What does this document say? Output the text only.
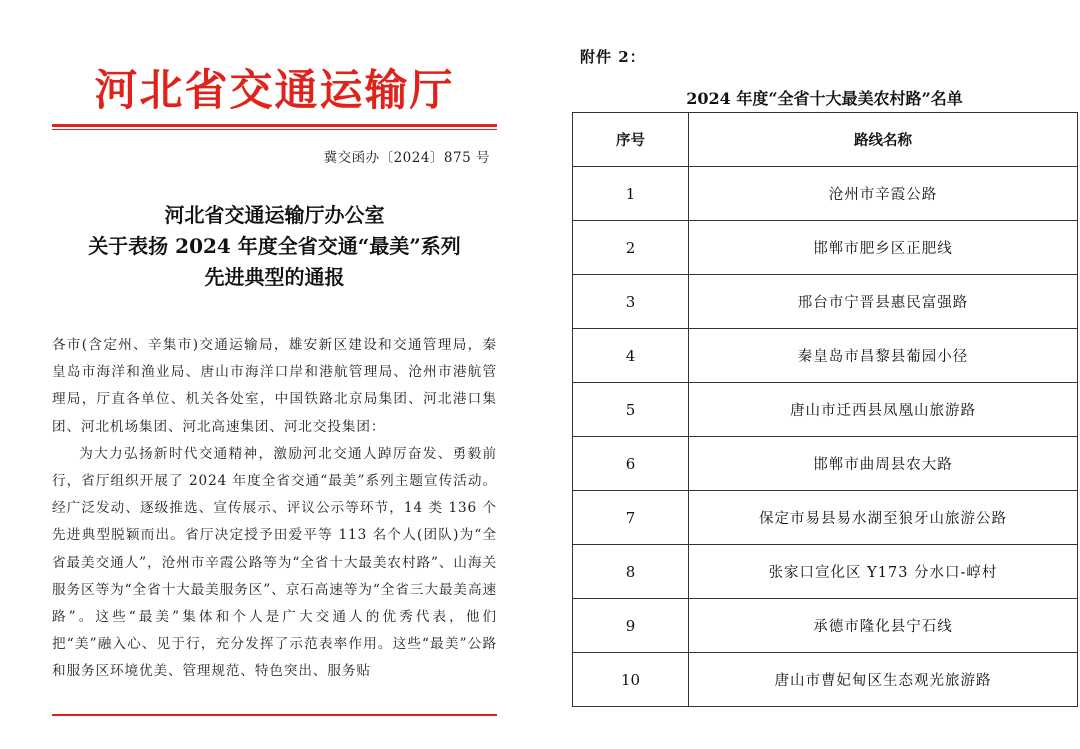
河北省交通运输厅
冀交函办〔2024〕875 号
河北省交通运输厅办公室
关于表扬 2024 年度全省交通“最美”系列
先进典型的通报

各市(含定州、辛集市)交通运输局，雄安新区建设和交通管理局，秦皇岛市海洋和渔业局、唐山市海洋口岸和港航管理局、沧州市港航管理局，厅直各单位、机关各处室，中国铁路北京局集团、河北港口集团、河北机场集团、河北高速集团、河北交投集团：

为大力弘扬新时代交通精神，激励河北交通人踔厉奋发、勇毅前行，省厅组织开展了 2024 年度全省交通“最美”系列主题宣传活动。经广泛发动、逐级推选、宣传展示、评议公示等环节，14 类 136 个先进典型脱颖而出。省厅决定授予田爱平等 113 名个人(团队)为“全省最美交通人”，沧州市辛霞公路等为“全省十大最美农村路”、山海关服务区等为“全省十大最美服务区”、京石高速等为“全省三大最美高速路”。这些“最美”集体和个人是广大交通人的优秀代表，他们把“美”融入心、见于行，充分发挥了示范表率作用。这些“最美”公路和服务区环境优美、管理规范、特色突出、服务贴

附件 2：
2024 年度“全省十大最美农村路”名单
序号	路线名称
1	沧州市辛霞公路
2	邯郸市肥乡区正肥线
3	邢台市宁晋县惠民富强路
4	秦皇岛市昌黎县葡园小径
5	唐山市迁西县凤凰山旅游路
6	邯郸市曲周县农大路
7	保定市易县易水湖至狼牙山旅游公路
8	张家口宣化区 Y173 分水口-崞村
9	承德市隆化县宁石线
10	唐山市曹妃甸区生态观光旅游路
